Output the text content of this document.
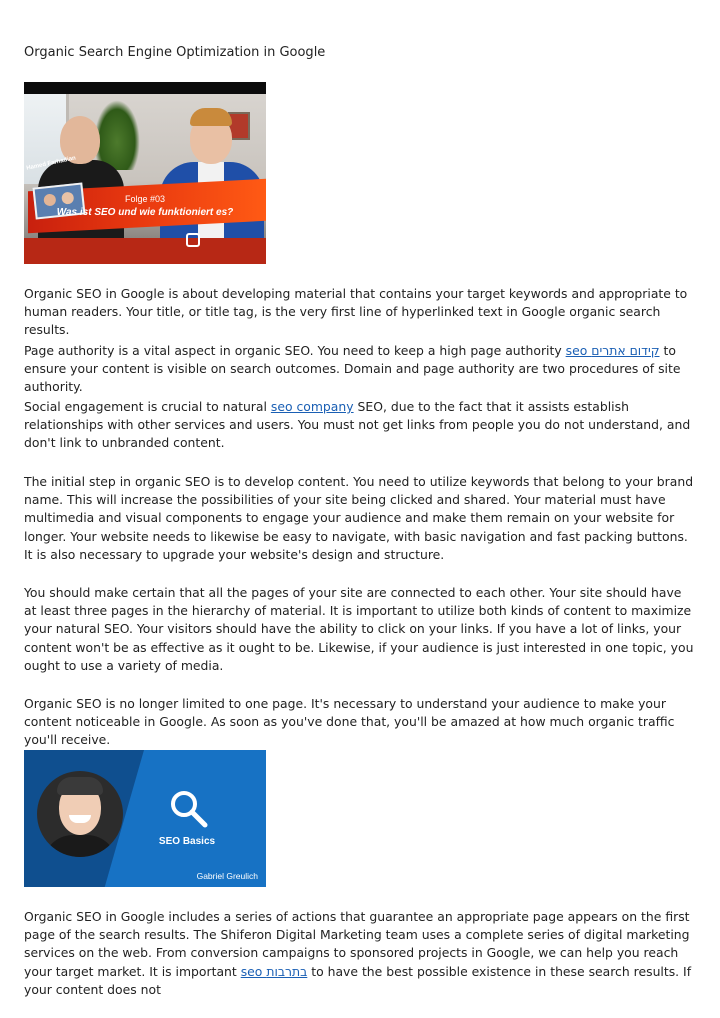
Organic Search Engine Optimization in Google
Hamed Farhadian
Folge #03
Was ist SEO und wie funktioniert es?

Organic SEO in Google is about developing material that contains your target keywords and appropriate to human readers. Your title, or title tag, is the very first line of hyperlinked text in Google organic search results.

Page authority is a vital aspect in organic SEO. You need to keep a high page authority seo קידום אתרים to ensure your content is visible on search outcomes. Domain and page authority are two procedures of site authority.

Social engagement is crucial to natural seo company SEO, due to the fact that it assists establish relationships with other services and users. You must not get links from people you do not understand, and don't link to unbranded content.

The initial step in organic SEO is to develop content. You need to utilize keywords that belong to your brand name. This will increase the possibilities of your site being clicked and shared. Your material must have multimedia and visual components to engage your audience and make them remain on your website for longer. Your website needs to likewise be easy to navigate, with basic navigation and fast packing buttons. It is also necessary to upgrade your website's design and structure.

You should make certain that all the pages of your site are connected to each other. Your site should have at least three pages in the hierarchy of material. It is important to utilize both kinds of content to maximize your natural SEO. Your visitors should have the ability to click on your links. If you have a lot of links, your content won't be as effective as it ought to be. Likewise, if your audience is just interested in one topic, you ought to use a variety of media.

Organic SEO is no longer limited to one page. It's necessary to understand your audience to make your content noticeable in Google. As soon as you've done that, you'll be amazed at how much organic traffic you'll receive.

SEO Basics
Gabriel Greulich

Organic SEO in Google includes a series of actions that guarantee an appropriate page appears on the first page of the search results. The Shiferon Digital Marketing team uses a complete series of digital marketing services on the web. From conversion campaigns to sponsored projects in Google, we can help you reach your target market. It is important seo בתרבות to have the best possible existence in these search results. If your content does not
